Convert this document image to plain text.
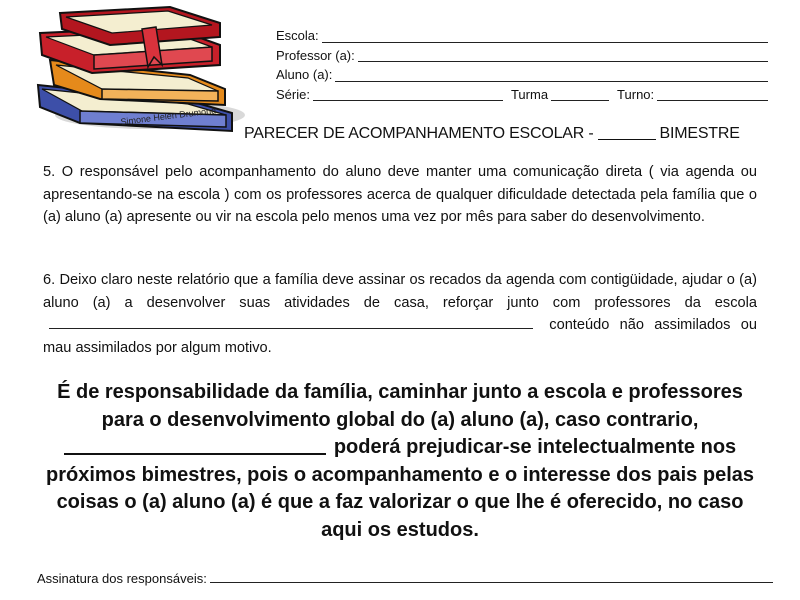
Simone Helen Drumond
Escola:
Professor (a):
Aluno (a):
Série:	Turma	Turno:
PARECER DE ACOMPANHAMENTO ESCOLAR -	BIMESTRE
5. O responsável pelo acompanhamento do aluno deve manter uma comunicação direta ( via agenda ou apresentando-se na escola ) com os professores acerca de qualquer dificuldade detectada pela família que o (a) aluno (a) apresente ou vir na escola pelo menos uma vez por mês para saber do desenvolvimento.
6. Deixo claro neste relatório que a família deve assinar os recados da agenda com contigüidade, ajudar o (a) aluno (a) a desenvolver suas atividades de casa, reforçar junto com professores da escola  conteúdo não assimilados ou mau assimilados por algum motivo.
É de responsabilidade da família, caminhar junto a escola e professores para o desenvolvimento global do (a) aluno (a), caso contrario, poderá prejudicar-se intelectualmente nos próximos bimestres, pois o acompanhamento e o interesse dos pais pelas coisas o (a) aluno (a) é que a faz valorizar o que lhe é oferecido, no caso aqui os estudos.
Assinatura dos responsáveis:
